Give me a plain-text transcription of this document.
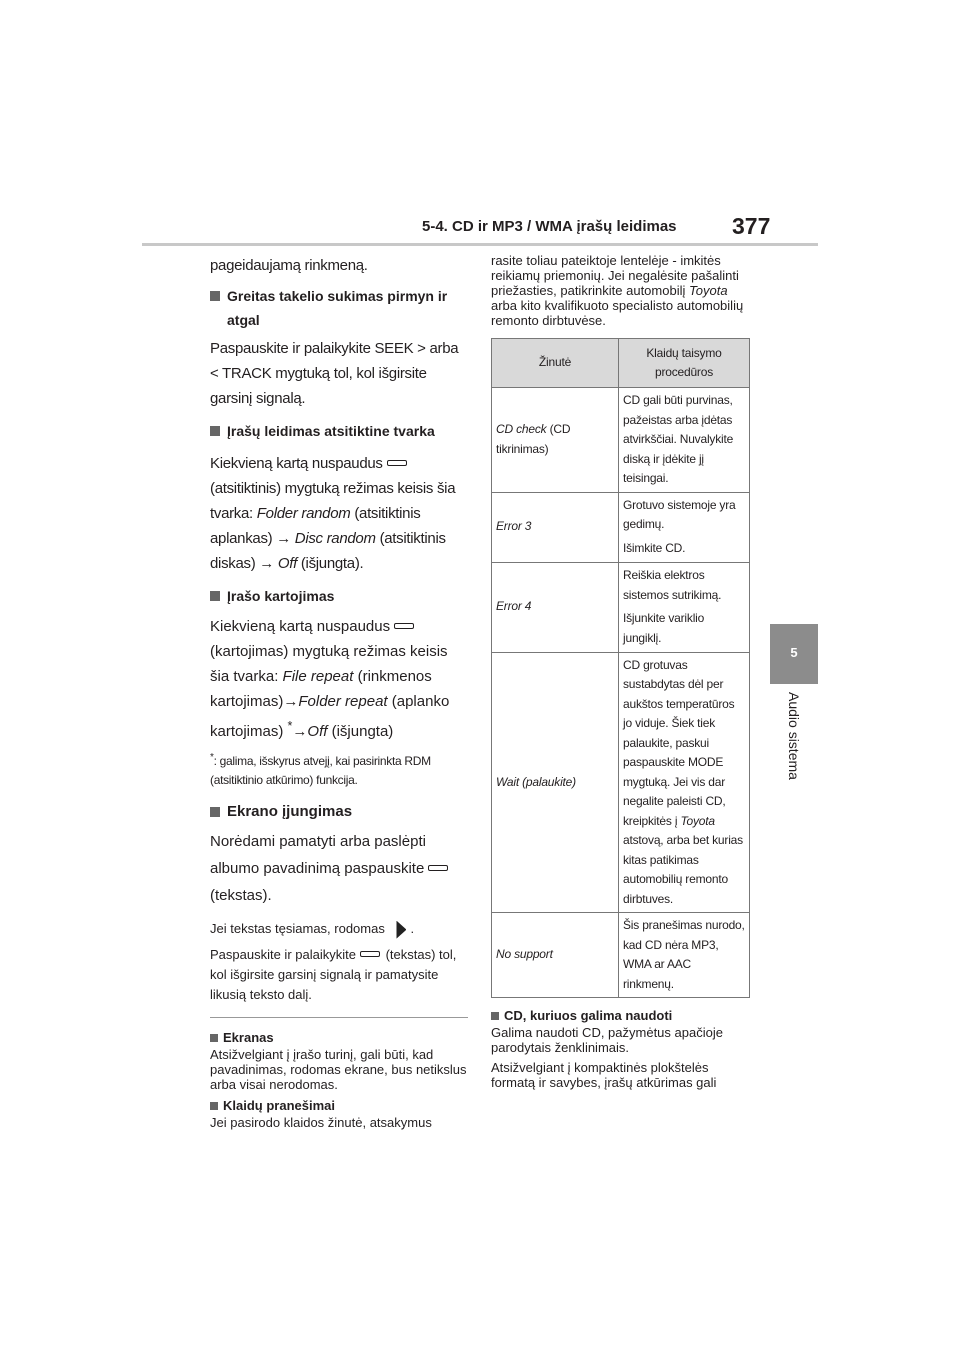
5-4. CD ir MP3 / WMA įrašų leidimas 377
5
Audio sistema

pageidaujamą rinkmeną.

Greitas takelio sukimas pirmyn ir atgal

Paspauskite ir palaikykite SEEK > arba < TRACK mygtuką tol, kol išgirsite garsinį signalą.

Įrašų leidimas atsitiktine tvarka

Kiekvieną kartą nuspaudus (atsitiktinis) mygtuką režimas keisis šia tvarka: Folder random (atsitiktinis aplankas) → Disc random (atsitiktinis diskas) → Off (išjungta).

Įrašo kartojimas

Kiekvieną kartą nuspaudus (kartojimas) mygtuką režimas keisis šia tvarka: File repeat (rinkmenos kartojimas)→Folder repeat (aplanko kartojimas) *→Off (išjungta)

*: galima, išskyrus atvejį, kai pasirinkta RDM (atsitiktinio atkūrimo) funkcija.

Ekrano įjungimas

Norėdami pamatyti arba paslėpti albumo pavadinimą paspauskite (tekstas).

Jei tekstas tęsiamas, rodomas .

Paspauskite ir palaikykite (tekstas) tol, kol išgirsite garsinį signalą ir pamatysite likusią teksto dalį.

Ekranas

Atsižvelgiant į įrašo turinį, gali būti, kad pavadinimas, rodomas ekrane, bus netikslus arba visai nerodomas.

Klaidų pranešimai

Jei pasirodo klaidos žinutė, atsakymus

rasite toliau pateiktoje lentelėje - imkitės reikiamų priemonių. Jei negalėsite pašalinti priežasties, patikrinkite automobilį Toyota arba kito kvalifikuoto specialisto automobilių remonto dirbtuvėse.

Žinutė	Klaidų taisymo procedūros
CD check (CD tikrinimas)	CD gali būti purvinas, pažeistas arba įdėtas atvirkščiai. Nuvalykite diską ir įdėkite jį teisingai.

Error 3	Grotuvo sistemoje yra gedimų.

Išimkite CD.

Error 4	Reiškia elektros sistemos sutrikimą.

Išjunkite variklio jungiklį.

Wait (palaukite)	CD grotuvas sustabdytas dėl per aukštos temperatūros jo viduje. Šiek tiek palaukite, paskui paspauskite MODE mygtuką. Jei vis dar negalite paleisti CD, kreipkitės į Toyota atstovą, arba bet kurias kitas patikimas automobilių remonto dirbtuves.

No support	Šis pranešimas nurodo, kad CD nėra MP3, WMA ar AAC rinkmenų.

CD, kuriuos galima naudoti

Galima naudoti CD, pažymėtus apačioje parodytais ženklinimais.

Atsižvelgiant į kompaktinės plokštelės formatą ir savybes, įrašų atkūrimas gali
